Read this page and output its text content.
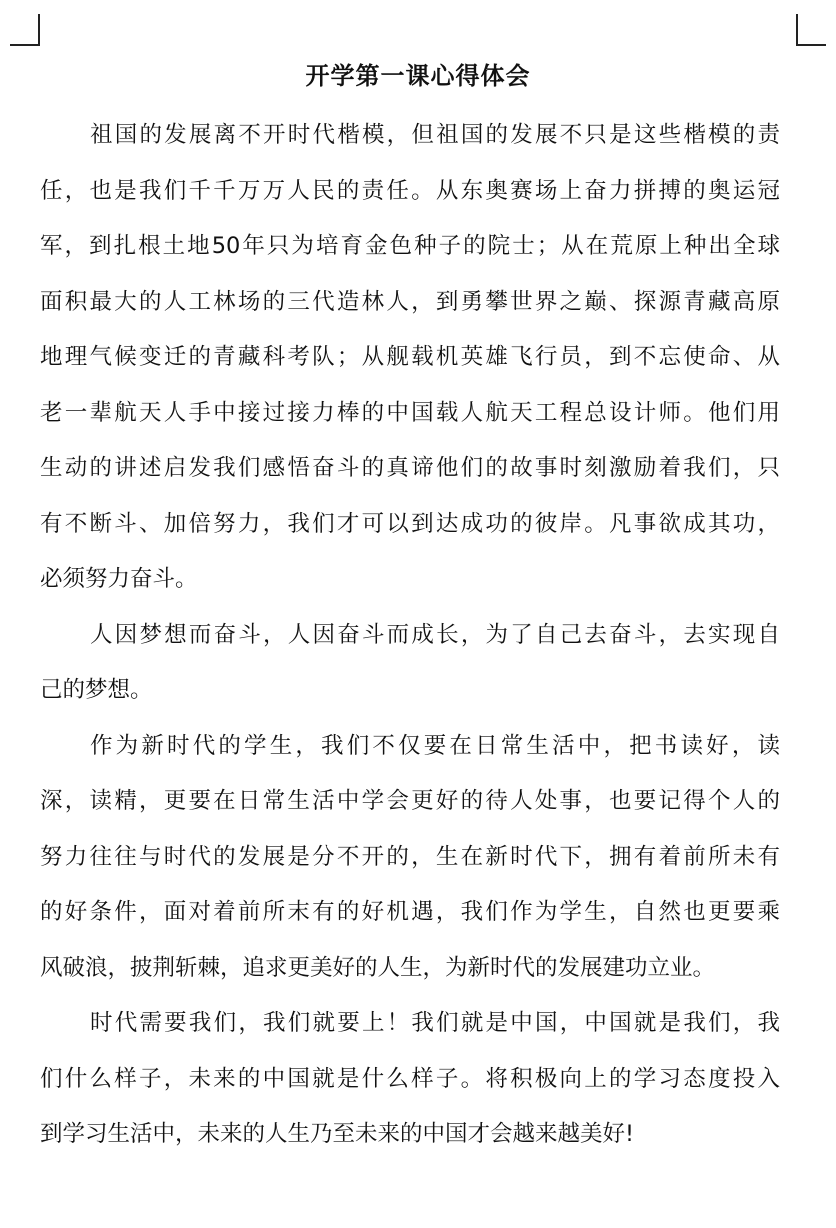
开学第一课心得体会

祖国的发展离不开时代楷模，但祖国的发展不只是这些楷模的责
任，也是我们千千万万人民的责任。从东奥赛场上奋力拼搏的奥运冠
军，到扎根土地50年只为培育金色种子的院士；从在荒原上种出全球
面积最大的人工林场的三代造林人，到勇攀世界之巅、探源青藏高原
地理气候变迁的青藏科考队；从舰载机英雄飞行员，到不忘使命、从
老一辈航天人手中接过接力棒的中国载人航天工程总设计师。他们用
生动的讲述启发我们感悟奋斗的真谛他们的故事时刻激励着我们，只
有不断斗、加倍努力，我们才可以到达成功的彼岸。凡事欲成其功，
必须努力奋斗。

人因梦想而奋斗，人因奋斗而成长，为了自己去奋斗，去实现自
己的梦想。

作为新时代的学生，我们不仅要在日常生活中，把书读好，读
深，读精，更要在日常生活中学会更好的待人处事，也要记得个人的
努力往往与时代的发展是分不开的，生在新时代下，拥有着前所未有
的好条件，面对着前所末有的好机遇，我们作为学生，自然也更要乘
风破浪，披荆斩棘，追求更美好的人生，为新时代的发展建功立业。

时代需要我们，我们就要上！我们就是中国，中国就是我们，我
们什么样子，未来的中国就是什么样子。将积极向上的学习态度投入
到学习生活中，未来的人生乃至未来的中国才会越来越美好!
